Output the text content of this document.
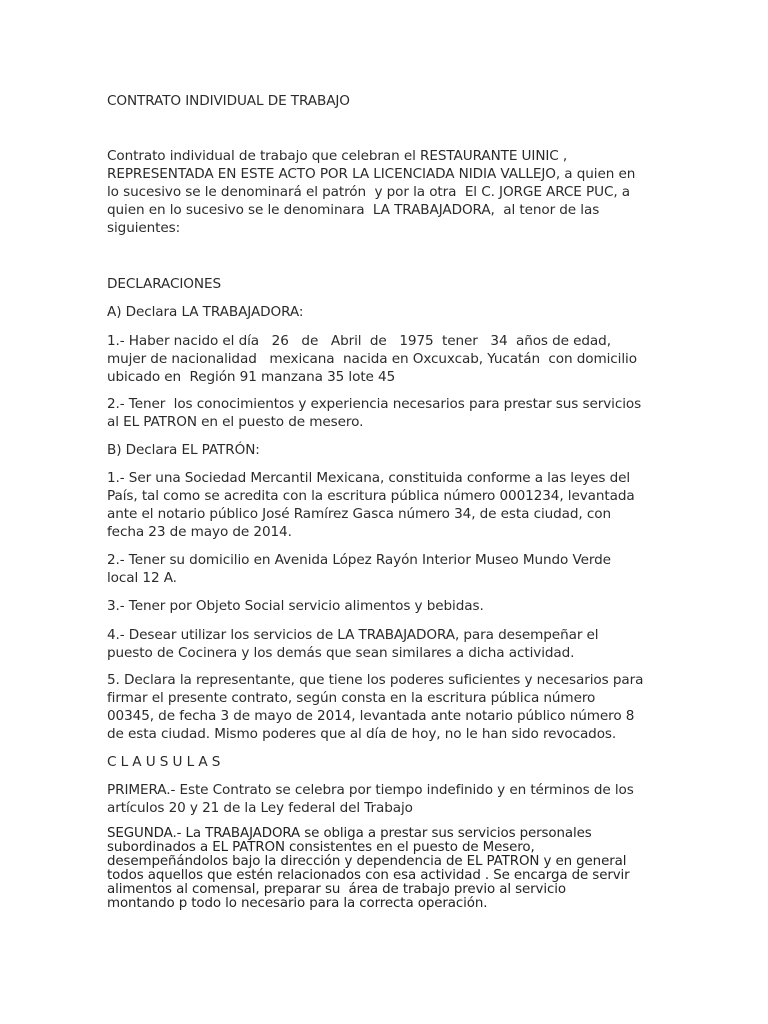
CONTRATO INDIVIDUAL DE TRABAJO
Contrato individual de trabajo que celebran el RESTAURANTE UINIC ,
REPRESENTADA EN ESTE ACTO POR LA LICENCIADA NIDIA VALLEJO, a quien en
lo sucesivo se le denominará el patrón  y por la otra  El C. JORGE ARCE PUC, a
quien en lo sucesivo se le denominara  LA TRABAJADORA,  al tenor de las
siguientes:
DECLARACIONES
A) Declara LA TRABAJADORA:
1.- Haber nacido el día   26   de   Abril  de   1975  tener   34  años de edad,
mujer de nacionalidad   mexicana  nacida en Oxcuxcab, Yucatán  con domicilio
ubicado en  Región 91 manzana 35 lote 45
2.- Tener  los conocimientos y experiencia necesarios para prestar sus servicios
al EL PATRON en el puesto de mesero.
B) Declara EL PATRÓN:
1.- Ser una Sociedad Mercantil Mexicana, constituida conforme a las leyes del
País, tal como se acredita con la escritura pública número 0001234, levantada
ante el notario público José Ramírez Gasca número 34, de esta ciudad, con
fecha 23 de mayo de 2014.
2.- Tener su domicilio en Avenida López Rayón Interior Museo Mundo Verde
local 12 A.
3.- Tener por Objeto Social servicio alimentos y bebidas.
4.- Desear utilizar los servicios de LA TRABAJADORA, para desempeñar el
puesto de Cocinera y los demás que sean similares a dicha actividad.
5. Declara la representante, que tiene los poderes suficientes y necesarios para
firmar el presente contrato, según consta en la escritura pública número
00345, de fecha 3 de mayo de 2014, levantada ante notario público número 8
de esta ciudad. Mismo poderes que al día de hoy, no le han sido revocados.
C L A U S U L A S
PRIMERA.- Este Contrato se celebra por tiempo indefinido y en términos de los
artículos 20 y 21 de la Ley federal del Trabajo
SEGUNDA.- La TRABAJADORA se obliga a prestar sus servicios personales
subordinados a EL PATRON consistentes en el puesto de Mesero,
desempeñándolos bajo la dirección y dependencia de EL PATRON y en general
todos aquellos que estén relacionados con esa actividad . Se encarga de servir
alimentos al comensal, preparar su  área de trabajo previo al servicio
montando p todo lo necesario para la correcta operación.
